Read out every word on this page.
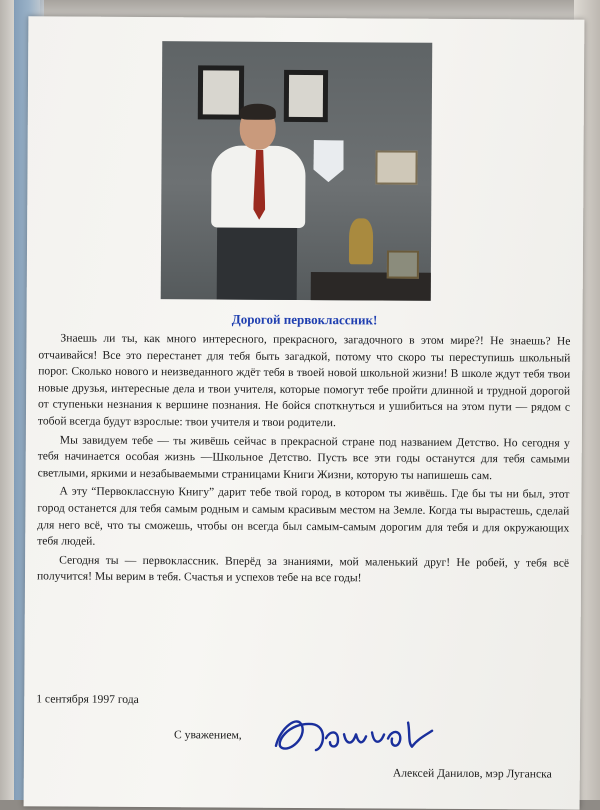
Дорогой первоклассник!

Знаешь ли ты, как много интересного, прекрасного, загадочного в этом мире?! Не знаешь? Не отчаивайся! Все это перестанет для тебя быть загадкой, потому что скоро ты переступишь школьный порог. Сколько нового и неизведанного ждёт тебя в твоей новой школьной жизни! В школе ждут тебя твои новые друзья, интересные дела и твои учителя, которые помогут тебе пройти длинной и трудной дорогой от ступеньки незнания к вершине познания. Не бойся споткнуться и ушибиться на этом пути — рядом с тобой всегда будут взрослые: твои учителя и твои родители.

Мы завидуем тебе — ты живёшь сейчас в прекрасной стране под названием Детство. Но сегодня у тебя начинается особая жизнь —Школьное Детство. Пусть все эти годы останутся для тебя самыми светлыми, яркими и незабываемыми страницами Книги Жизни, которую ты напишешь сам.

А эту “Первоклассную Книгу” дарит тебе твой город, в котором ты живёшь. Где бы ты ни был, этот город останется для тебя самым родным и самым красивым местом на Земле. Когда ты вырастешь, сделай для него всё, что ты сможешь, чтобы он всегда был самым-самым дорогим для тебя и для окружающих тебя людей.

Сегодня ты — первоклассник. Вперёд за знаниями, мой маленький друг! Не робей, у тебя всё получится! Мы верим в тебя. Счастья и успехов тебе на все годы!

1 сентября 1997 года
С уважением,
Алексей Данилов, мэр Луганска
